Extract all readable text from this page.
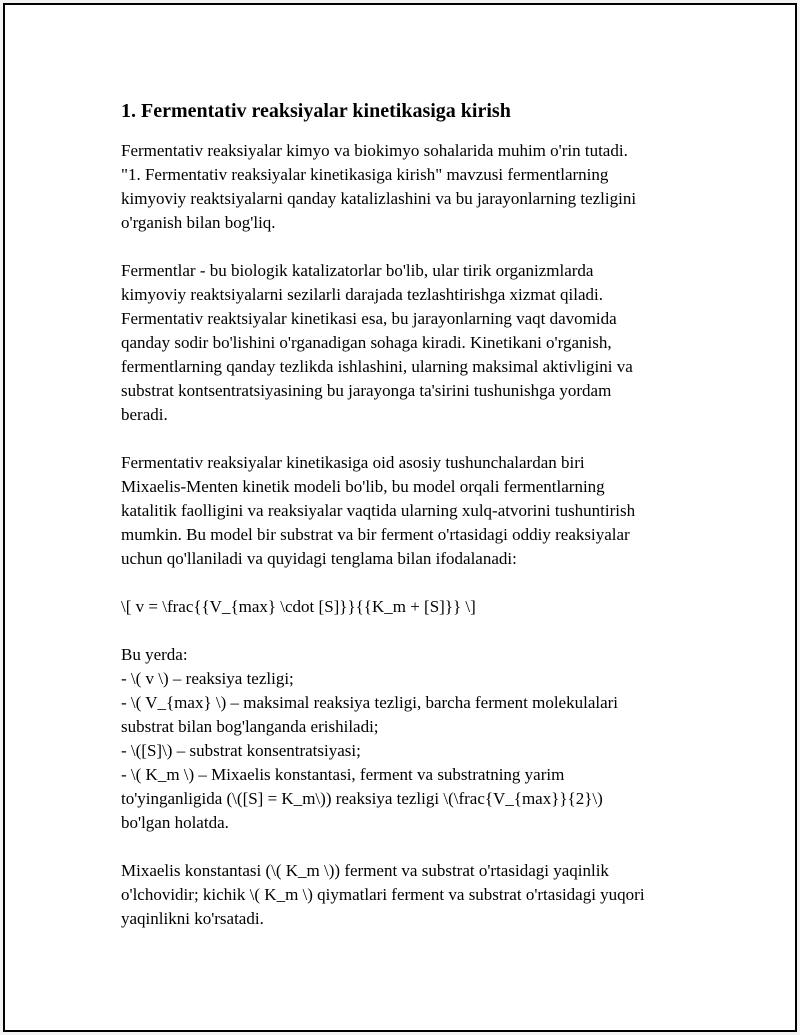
1. Fermentativ reaksiyalar kinetikasiga kirish

Fermentativ reaksiyalar kimyo va biokimyo sohalarida muhim o'rin tutadi.
"1. Fermentativ reaksiyalar kinetikasiga kirish" mavzusi fermentlarning
kimyoviy reaktsiyalarni qanday katalizlashini va bu jarayonlarning tezligini
o'rganish bilan bog'liq.

Fermentlar - bu biologik katalizatorlar bo'lib, ular tirik organizmlarda
kimyoviy reaktsiyalarni sezilarli darajada tezlashtirishga xizmat qiladi.
Fermentativ reaktsiyalar kinetikasi esa, bu jarayonlarning vaqt davomida
qanday sodir bo'lishini o'rganadigan sohaga kiradi. Kinetikani o'rganish,
fermentlarning qanday tezlikda ishlashini, ularning maksimal aktivligini va
substrat kontsentratsiyasining bu jarayonga ta'sirini tushunishga yordam
beradi.

Fermentativ reaksiyalar kinetikasiga oid asosiy tushunchalardan biri
Mixaelis-Menten kinetik modeli bo'lib, bu model orqali fermentlarning
katalitik faolligini va reaksiyalar vaqtida ularning xulq-atvorini tushuntirish
mumkin. Bu model bir substrat va bir ferment o'rtasidagi oddiy reaksiyalar
uchun qo'llaniladi va quyidagi tenglama bilan ifodalanadi:

\[ v = \frac{{V_{max} \cdot [S]}}{{K_m + [S]}} \]

Bu yerda:
- \( v \) – reaksiya tezligi;
- \( V_{max} \) – maksimal reaksiya tezligi, barcha ferment molekulalari
substrat bilan bog'langanda erishiladi;
- \([S]\) – substrat konsentratsiyasi;
- \( K_m \) – Mixaelis konstantasi, ferment va substratning yarim
to'yinganligida (\([S] = K_m\)) reaksiya tezligi \(\frac{V_{max}}{2}\)
bo'lgan holatda.

Mixaelis konstantasi (\( K_m \)) ferment va substrat o'rtasidagi yaqinlik
o'lchovidir; kichik \( K_m \) qiymatlari ferment va substrat o'rtasidagi yuqori
yaqinlikni ko'rsatadi.
